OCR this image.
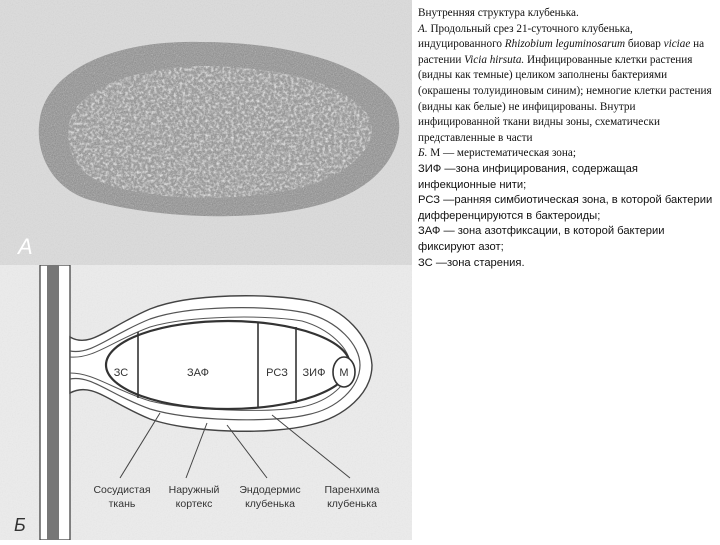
А
ЗС	ЗАФ	РСЗ ЗИФ М
Сосудистая
ткань
Наружный
кортекс
Эндодермис
клубенька
Паренхима
клубенька
Б

Внутренняя структура клубенька.

А. Продольный срез 21-суточного клубенька, индуцированного Rhizobium leguminosarum биовар viciae на растении Vicia hirsuta. Инфицированные клетки растения (видны как темные) целиком заполнены бактериями (окрашены толуидиновым синим); немногие клетки растения (видны как белые) не инфицированы. Внутри инфицированной ткани видны зоны, схематически представленные в части

Б. М — меристематическая зона;

ЗИФ —зона инфицирования, содержащая инфекционные нити;

РСЗ —ранняя симбиотическая зона, в которой бактерии дифференцируются в бактероиды;

ЗАФ — зона азотфиксации, в которой бактерии фиксируют азот;

ЗС —зона старения.
